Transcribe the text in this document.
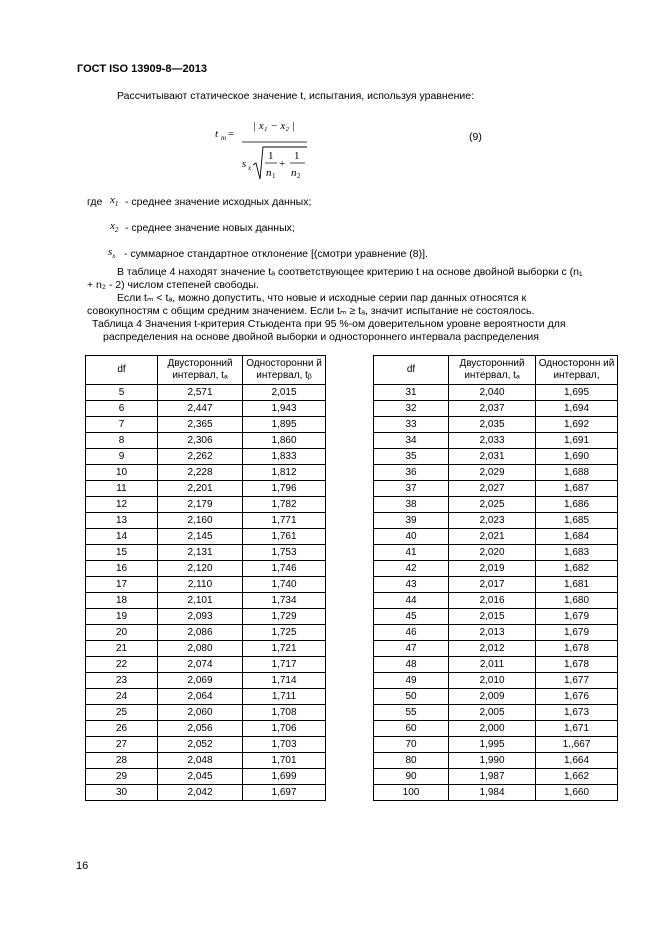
ГОСТ ISO 13909-8—2013
Рассчитывают статическое значение t, испытания, используя уравнение:
t m =
| x₁ − x₂ |
s x
1
n 1
+
1
n 2
(9)
где $x_1$ - среднее значение исходных данных;
$x_2$ - среднее значение новых данных;
$s_x$ - суммарное стандартное отклонение [(смотри уравнение (8)].
В таблице 4 находят значение tₐ соответствующее критерию t на основе двойной выборки с (n₁
+ n₂ - 2) числом степеней свободы.
Если tₘ < tₐ, можно допустить, что новые и исходные серии пар данных относятся к
совокупностям с общим средним значением. Если tₘ ≥ tₐ, значит испытание не состоялось.
Таблица 4 Значения t-критерия Стьюдента при 95 %-ом доверительном уровне вероятности для
распределения на основе двойной выборки и одностороннего интервала распределения
df	Двусторонний интервал, tₐ	Односторонни й интервал, tᵦ
5	2,571	2,015
6	2,447	1,943
7	2,365	1,895
8	2,306	1,860
9	2,262	1,833
10	2,228	1,812
11	2,201	1,796
12	2,179	1,782
13	2,160	1,771
14	2,145	1,761
15	2,131	1,753
16	2,120	1,746
17	2,110	1,740
18	2,101	1,734
19	2,093	1,729
20	2,086	1,725
21	2,080	1,721
22	2,074	1,717
23	2,069	1,714
24	2,064	1,711
25	2,060	1,708
26	2,056	1,706
27	2,052	1,703
28	2,048	1,701
29	2,045	1,699
30	2,042	1,697
df	Двусторонний интервал, tₐ	Односторонн ий интервал,
31	2,040	1,695
32	2,037	1,694
33	2,035	1,692
34	2,033	1,691
35	2,031	1,690
36	2,029	1,688
37	2,027	1,687
38	2,025	1,686
39	2,023	1,685
40	2,021	1,684
41	2,020	1,683
42	2,019	1,682
43	2,017	1,681
44	2,016	1,680
45	2,015	1,679
46	2,013	1,679
47	2,012	1,678
48	2,011	1,678
49	2,010	1,677
50	2,009	1,676
55	2,005	1,673
60	2,000	1,671
70	1,995	1.,667
80	1,990	1,664
90	1,987	1,662
100	1,984	1,660
16
